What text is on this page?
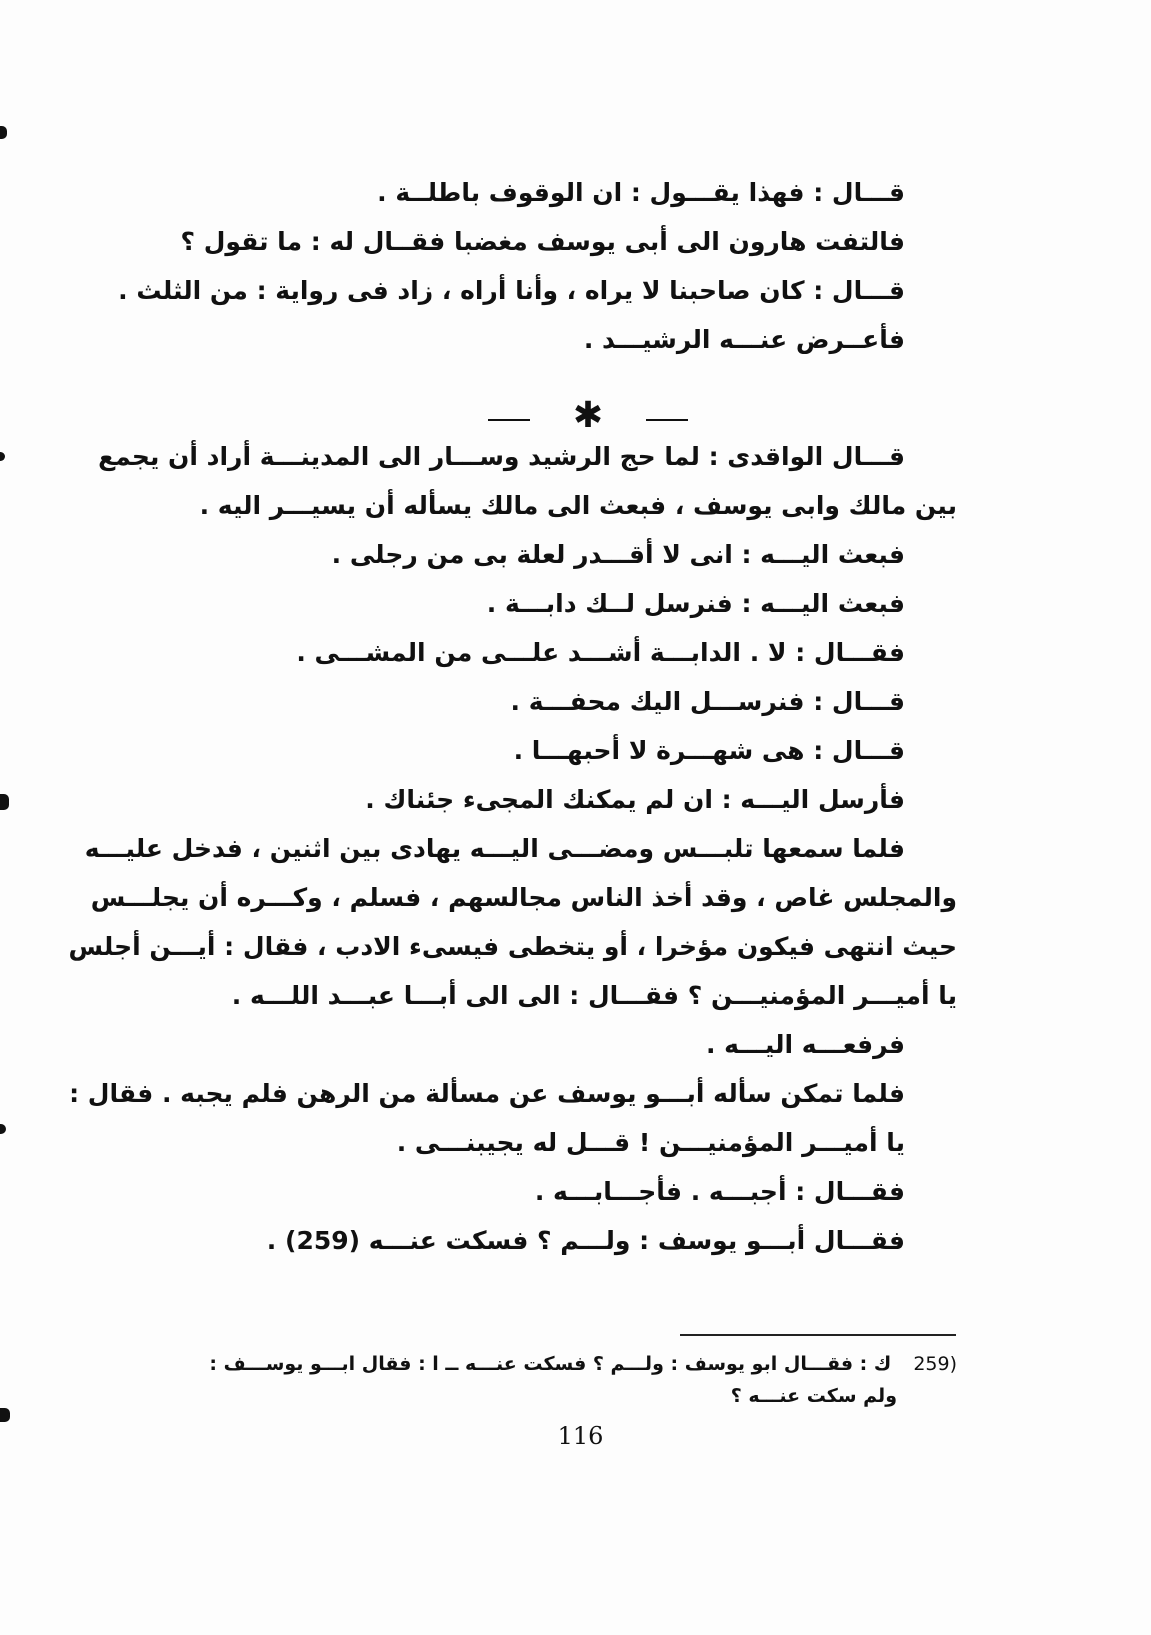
قـــال : فهذا يقـــول : ان الوقوف باطلــة .
فالتفت هارون الى أبى يوسف مغضبا فقــال له : ما تقول ؟
قـــال : كان صاحبنا لا يراه ، وأنا أراه ، زاد فى رواية : من الثلث .
فأعــرض عنـــه الرشيـــد .
✱
قـــال الواقدى : لما حج الرشيد وســـار الى المدينـــة أراد أن يجمع
بين مالك وابى يوسف ، فبعث الى مالك يسأله أن يسيـــر اليه .
فبعث اليـــه : انى لا أقـــدر لعلة بى من رجلى .
فبعث اليـــه : فنرسل لــك دابـــة .
فقـــال : لا . الدابـــة أشـــد علـــى من المشـــى .
قـــال : فنرســـل اليك محفـــة .
قـــال : هى شهـــرة لا أحبهـــا .
فأرسل اليـــه : ان لم يمكنك المجىء جئناك .
فلما سمعها تلبـــس ومضـــى اليـــه يهادى بين اثنين ، فدخل عليـــه
والمجلس غاص ، وقد أخذ الناس مجالسهم ، فسلم ، وكـــره أن يجلـــس
حيث انتهى فيكون مؤخرا ، أو يتخطى فيسىء الادب ، فقال : أيـــن أجلس
يا أميـــر المؤمنيـــن ؟ فقـــال : الى الى أبـــا عبـــد اللـــه .
فرفعـــه اليـــه .
فلما تمكن سأله أبـــو يوسف عن مسألة من الرهن فلم يجبه . فقال :
يا أميـــر المؤمنيـــن ! قـــل له يجيبنـــى .
فقـــال : أجبـــه . فأجـــابـــه .
فقـــال أبـــو يوسف : ولـــم ؟ فسكت عنـــه (259) .
(259ك : فقـــال ابو يوسف : ولـــم ؟ فسكت عنـــه ــ ا : فقال ابـــو يوســـف :
ولم سكت عنـــه ؟
116
